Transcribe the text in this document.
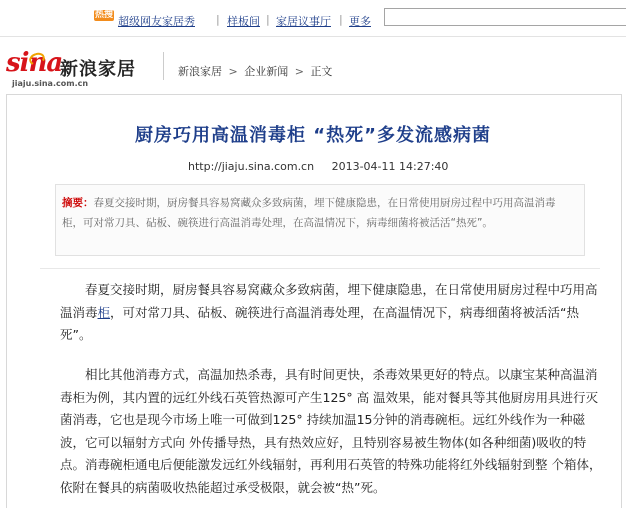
热搜 超级网友家居秀 | 样板间 | 家居议事厅 | 更多
sina
新浪家居
jiaju.sina.com.cn
新浪家居 > 企业新闻 > 正文
厨房巧用高温消毒柜 “热死”多发流感病菌
http://jiaju.sina.com.cn 2013-04-11 14:27:40
摘要：春夏交接时期，厨房餐具容易窝藏众多致病菌，埋下健康隐患，在日常使用厨房过程中巧用高温消毒柜，可对常刀具、砧板、碗筷进行高温消毒处理，在高温情况下，病毒细菌将被活活“热死”。

春夏交接时期，厨房餐具容易窝藏众多致病菌，埋下健康隐患，在日常使用厨房过程中巧用高温消毒柜，可对常刀具、砧板、碗筷进行高温消毒处理，在高温情况下，病毒细菌将被活活“热死”。

相比其他消毒方式，高温加热杀毒，具有时间更快，杀毒效果更好的特点。以康宝某种高温消毒柜为例，其内置的远红外线石英管热源可产生125° 高 温效果，能对餐具等其他厨房用具进行灭菌消毒，它也是现今市场上唯一可做到125° 持续加温15分钟的消毒碗柜。远红外线作为一种磁波，它可以辐射方式向 外传播导热，具有热效应好，且特别容易被生物体(如各种细菌)吸收的特点。消毒碗柜通电后便能激发远红外线辐射，再利用石英管的特殊功能将红外线辐射到整 个箱体，依附在餐具的病菌吸收热能超过承受极限，就会被“热”死。
